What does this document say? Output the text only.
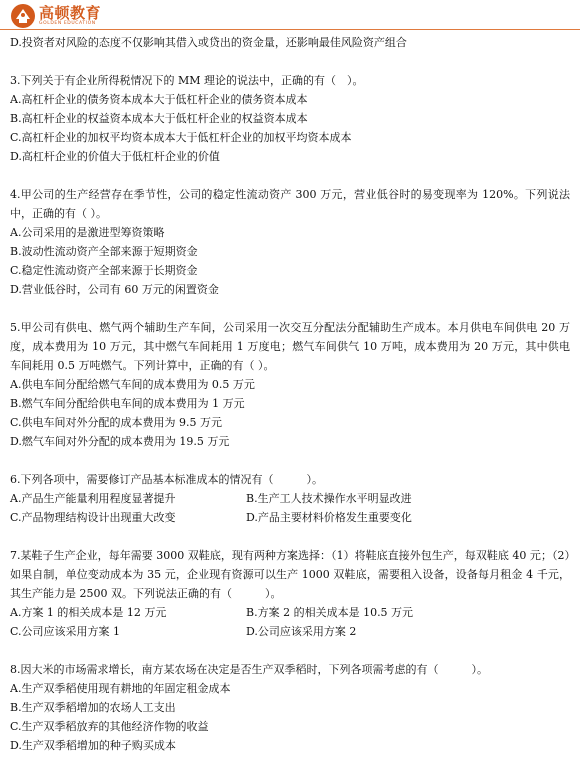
高顿教育
GOLDEN EDUCATION
D.投资者对风险的态度不仅影响其借入或贷出的资金量，还影响最佳风险资产组合
3.下列关于有企业所得税情况下的 MM 理论的说法中，正确的有（　）。
A.高杠杆企业的债务资本成本大于低杠杆企业的债务资本成本
B.高杠杆企业的权益资本成本大于低杠杆企业的权益资本成本
C.高杠杆企业的加权平均资本成本大于低杠杆企业的加权平均资本成本
D.高杠杆企业的价值大于低杠杆企业的价值
4.甲公司的生产经营存在季节性，公司的稳定性流动资产 300 万元，营业低谷时的易变现率为 120%。下列说法中，正确的有（ ）。
A.公司采用的是激进型筹资策略
B.波动性流动资产全部来源于短期资金
C.稳定性流动资产全部来源于长期资金
D.营业低谷时，公司有 60 万元的闲置资金
5.甲公司有供电、燃气两个辅助生产车间，公司采用一次交互分配法分配辅助生产成本。本月供电车间供电 20 万度，成本费用为 10 万元，其中燃气车间耗用 1 万度电；燃气车间供气 10 万吨，成本费用为 20 万元，其中供电车间耗用 0.5 万吨燃气。下列计算中，正确的有（ ）。
A.供电车间分配给燃气车间的成本费用为 0.5 万元
B.燃气车间分配给供电车间的成本费用为 1 万元
C.供电车间对外分配的成本费用为 9.5 万元
D.燃气车间对外分配的成本费用为 19.5 万元
6.下列各项中，需要修订产品基本标准成本的情况有（　　　）。
A.产品生产能量利用程度显著提升	B.生产工人技术操作水平明显改进
C.产品物理结构设计出现重大改变	D.产品主要材料价格发生重要变化
7.某鞋子生产企业，每年需要 3000 双鞋底，现有两种方案选择：（1）将鞋底直接外包生产，每双鞋底 40 元；（2）如果自制，单位变动成本为 35 元，企业现有资源可以生产 1000 双鞋底，需要租入设备，设备每月租金 4 千元，其生产能力是 2500 双。下列说法正确的有（　　　）。
A.方案 1 的相关成本是 12 万元	B.方案 2 的相关成本是 10.5 万元
C.公司应该采用方案 1	D.公司应该采用方案 2
8.因大米的市场需求增长，南方某农场在决定是否生产双季稻时，下列各项需考虑的有（　　　）。
A.生产双季稻使用现有耕地的年固定租金成本
B.生产双季稻增加的农场人工支出
C.生产双季稻放弃的其他经济作物的收益
D.生产双季稻增加的种子购买成本
